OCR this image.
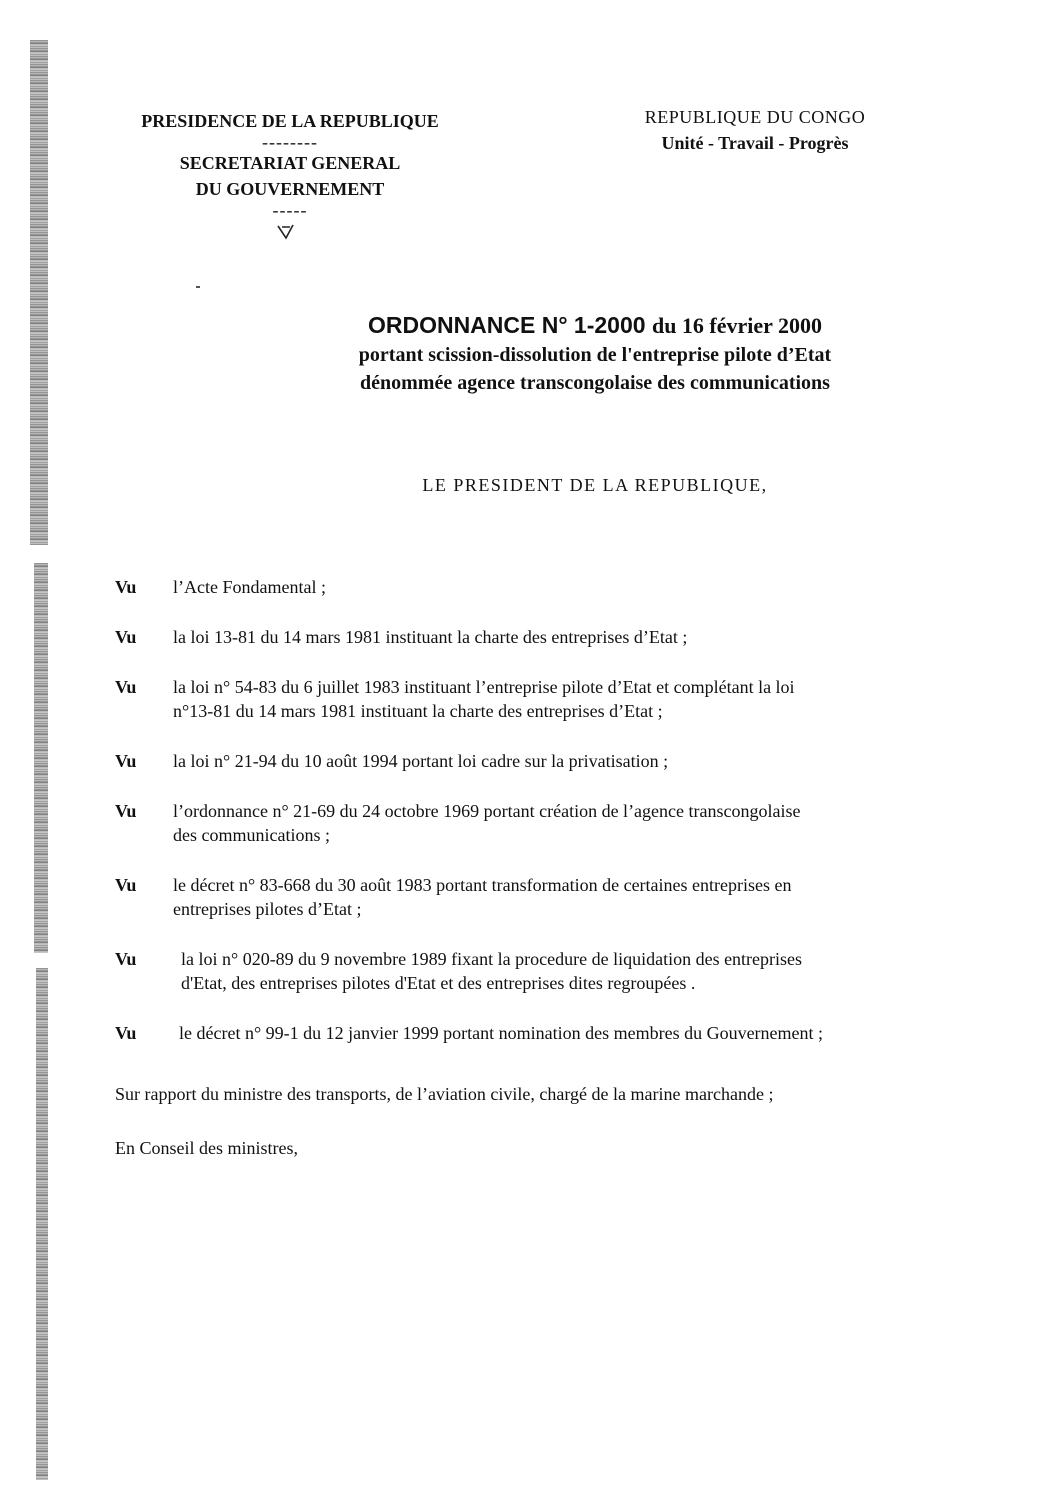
PRESIDENCE DE LA REPUBLIQUE
--------
SECRETARIAT GENERAL
DU GOUVERNEMENT
-----
REPUBLIQUE DU CONGO
Unité - Travail - Progrès
ORDONNANCE N° 1-2000 du 16 février 2000
portant scission-dissolution de l'entreprise pilote d’Etat
dénommée agence transcongolaise des communications
LE PRESIDENT DE LA REPUBLIQUE,
Vu	l’Acte Fondamental ;
Vu	la loi 13-81 du 14 mars 1981 instituant la charte des entreprises d’Etat ;
Vu	la loi n° 54-83 du 6 juillet 1983 instituant l’entreprise pilote d’Etat et complétant la loi
n°13-81 du 14 mars 1981 instituant la charte des entreprises d’Etat ;
Vu	la loi n° 21-94 du 10 août 1994 portant loi cadre sur la privatisation ;
Vu	l’ordonnance n° 21-69 du 24 octobre 1969 portant création de l’agence transcongolaise
des communications ;
Vu	le décret n° 83-668 du 30 août 1983 portant transformation de certaines entreprises en
entreprises pilotes d’Etat ;
Vu	la loi n° 020-89 du 9 novembre 1989 fixant la procedure de liquidation des entreprises
d'Etat, des entreprises pilotes d'Etat et des entreprises dites regroupées .
Vu	le décret n° 99-1 du 12 janvier 1999 portant nomination des membres du Gouvernement ;
Sur rapport du ministre des transports, de l’aviation civile, chargé de la marine marchande ;
En Conseil des ministres,
